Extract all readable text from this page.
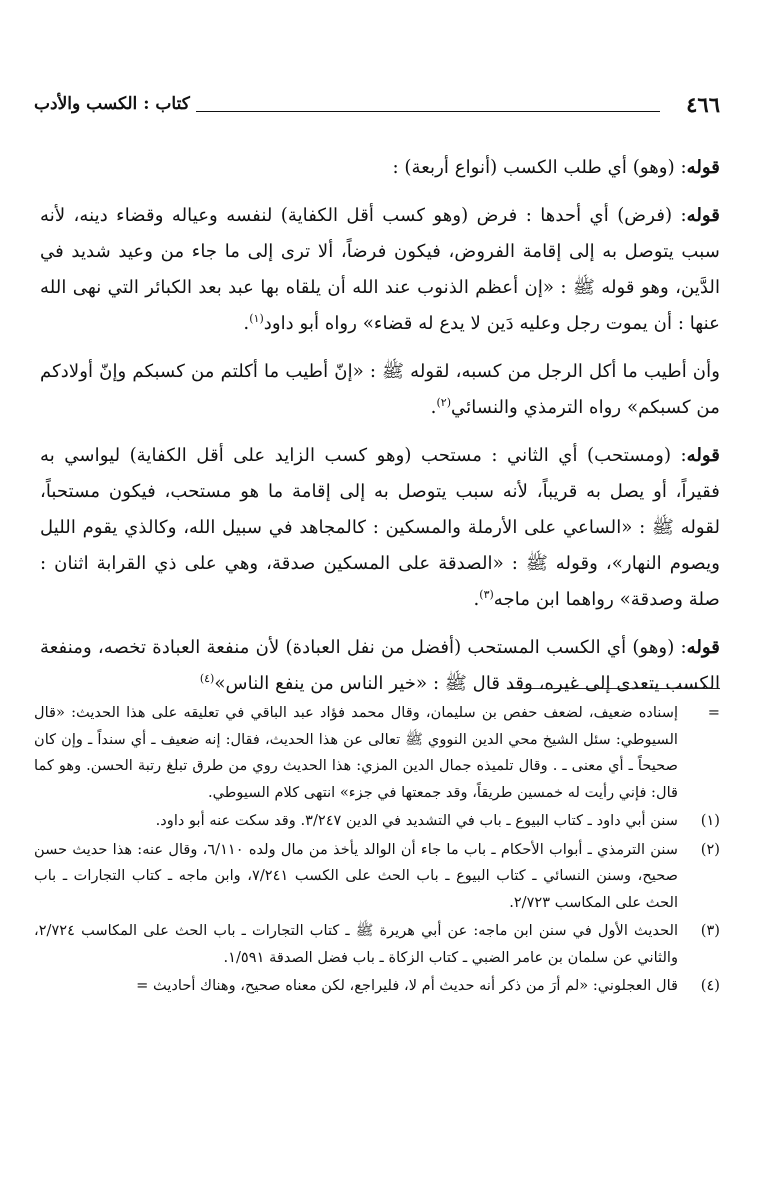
٤٦٦
كتاب : الكسب والأدب

قوله: (وهو) أي طلب الكسب (أنواع أربعة) :

قوله: (فرض) أي أحدها : فرض (وهو كسب أقل الكفاية) لنفسه وعياله وقضاء دينه، لأنه سبب يتوصل به إلى إقامة الفروض، فيكون فرضاً، ألا ترى إلى ما جاء من وعيد شديد في الدَّين، وهو قوله ﷺ : «إن أعظم الذنوب عند الله أن يلقاه بها عبد بعد الكبائر التي نهى الله عنها : أن يموت رجل وعليه دَين لا يدع له قضاء» رواه أبو داود$^{(١)}$.

وأن أطيب ما أكل الرجل من كسبه، لقوله ﷺ : «إنّ أطيب ما أكلتم من كسبكم وإنّ أولادكم من كسبكم» رواه الترمذي والنسائي$^{(٢)}$.

قوله: (ومستحب) أي الثاني : مستحب (وهو كسب الزايد على أقل الكفاية) ليواسي به فقيراً، أو يصل به قريباً، لأنه سبب يتوصل به إلى إقامة ما هو مستحب، فيكون مستحباً، لقوله ﷺ : «الساعي على الأرملة والمسكين : كالمجاهد في سبيل الله، وكالذي يقوم الليل ويصوم النهار»، وقوله ﷺ : «الصدقة على المسكين صدقة، وهي على ذي القرابة اثنان : صلة وصدقة» رواهما ابن ماجه$^{(٣)}$.

قوله: (وهو) أي الكسب المستحب (أفضل من نفل العبادة) لأن منفعة العبادة تخصه، ومنفعة الكسب يتعدى إلى غيره، وقد قال ﷺ : «خير الناس من ينفع الناس»$^{(٤)}$

=
إسناده ضعيف، لضعف حفص بن سليمان، وقال محمد فؤاد عبد الباقي في تعليقه على هذا الحديث: «قال السيوطي: سئل الشيخ محي الدين النووي ﷺ تعالى عن هذا الحديث، فقال: إنه ضعيف ـ أي سنداً ـ وإن كان صحيحاً ـ أي معنى ـ . وقال تلميذه جمال الدين المزي: هذا الحديث روي من طرق تبلغ رتبة الحسن. وهو كما قال: فإني رأيت له خمسين طريقاً، وقد جمعتها في جزء» انتهى كلام السيوطي.

(١)
سنن أبي داود ـ كتاب البيوع ـ باب في التشديد في الدين ٣/٢٤٧. وقد سكت عنه أبو داود.

(٢)
سنن الترمذي ـ أبواب الأحكام ـ باب ما جاء أن الوالد يأخذ من مال ولده ٦/١١٠، وقال عنه: هذا حديث حسن صحيح، وسنن النسائي ـ كتاب البيوع ـ باب الحث على الكسب ٧/٢٤١، وابن ماجه ـ كتاب التجارات ـ باب الحث على المكاسب ٢/٧٢٣.

(٣)
الحديث الأول في سنن ابن ماجه: عن أبي هريرة ﷺ ـ كتاب التجارات ـ باب الحث على المكاسب ٢/٧٢٤، والثاني عن سلمان بن عامر الضبي ـ كتاب الزكاة ـ باب فضل الصدقة ١/٥٩١.

(٤)
قال العجلوني: «لم أرَ من ذكر أنه حديث أم لا، فليراجع، لكن معناه صحيح، وهناك أحاديث =
